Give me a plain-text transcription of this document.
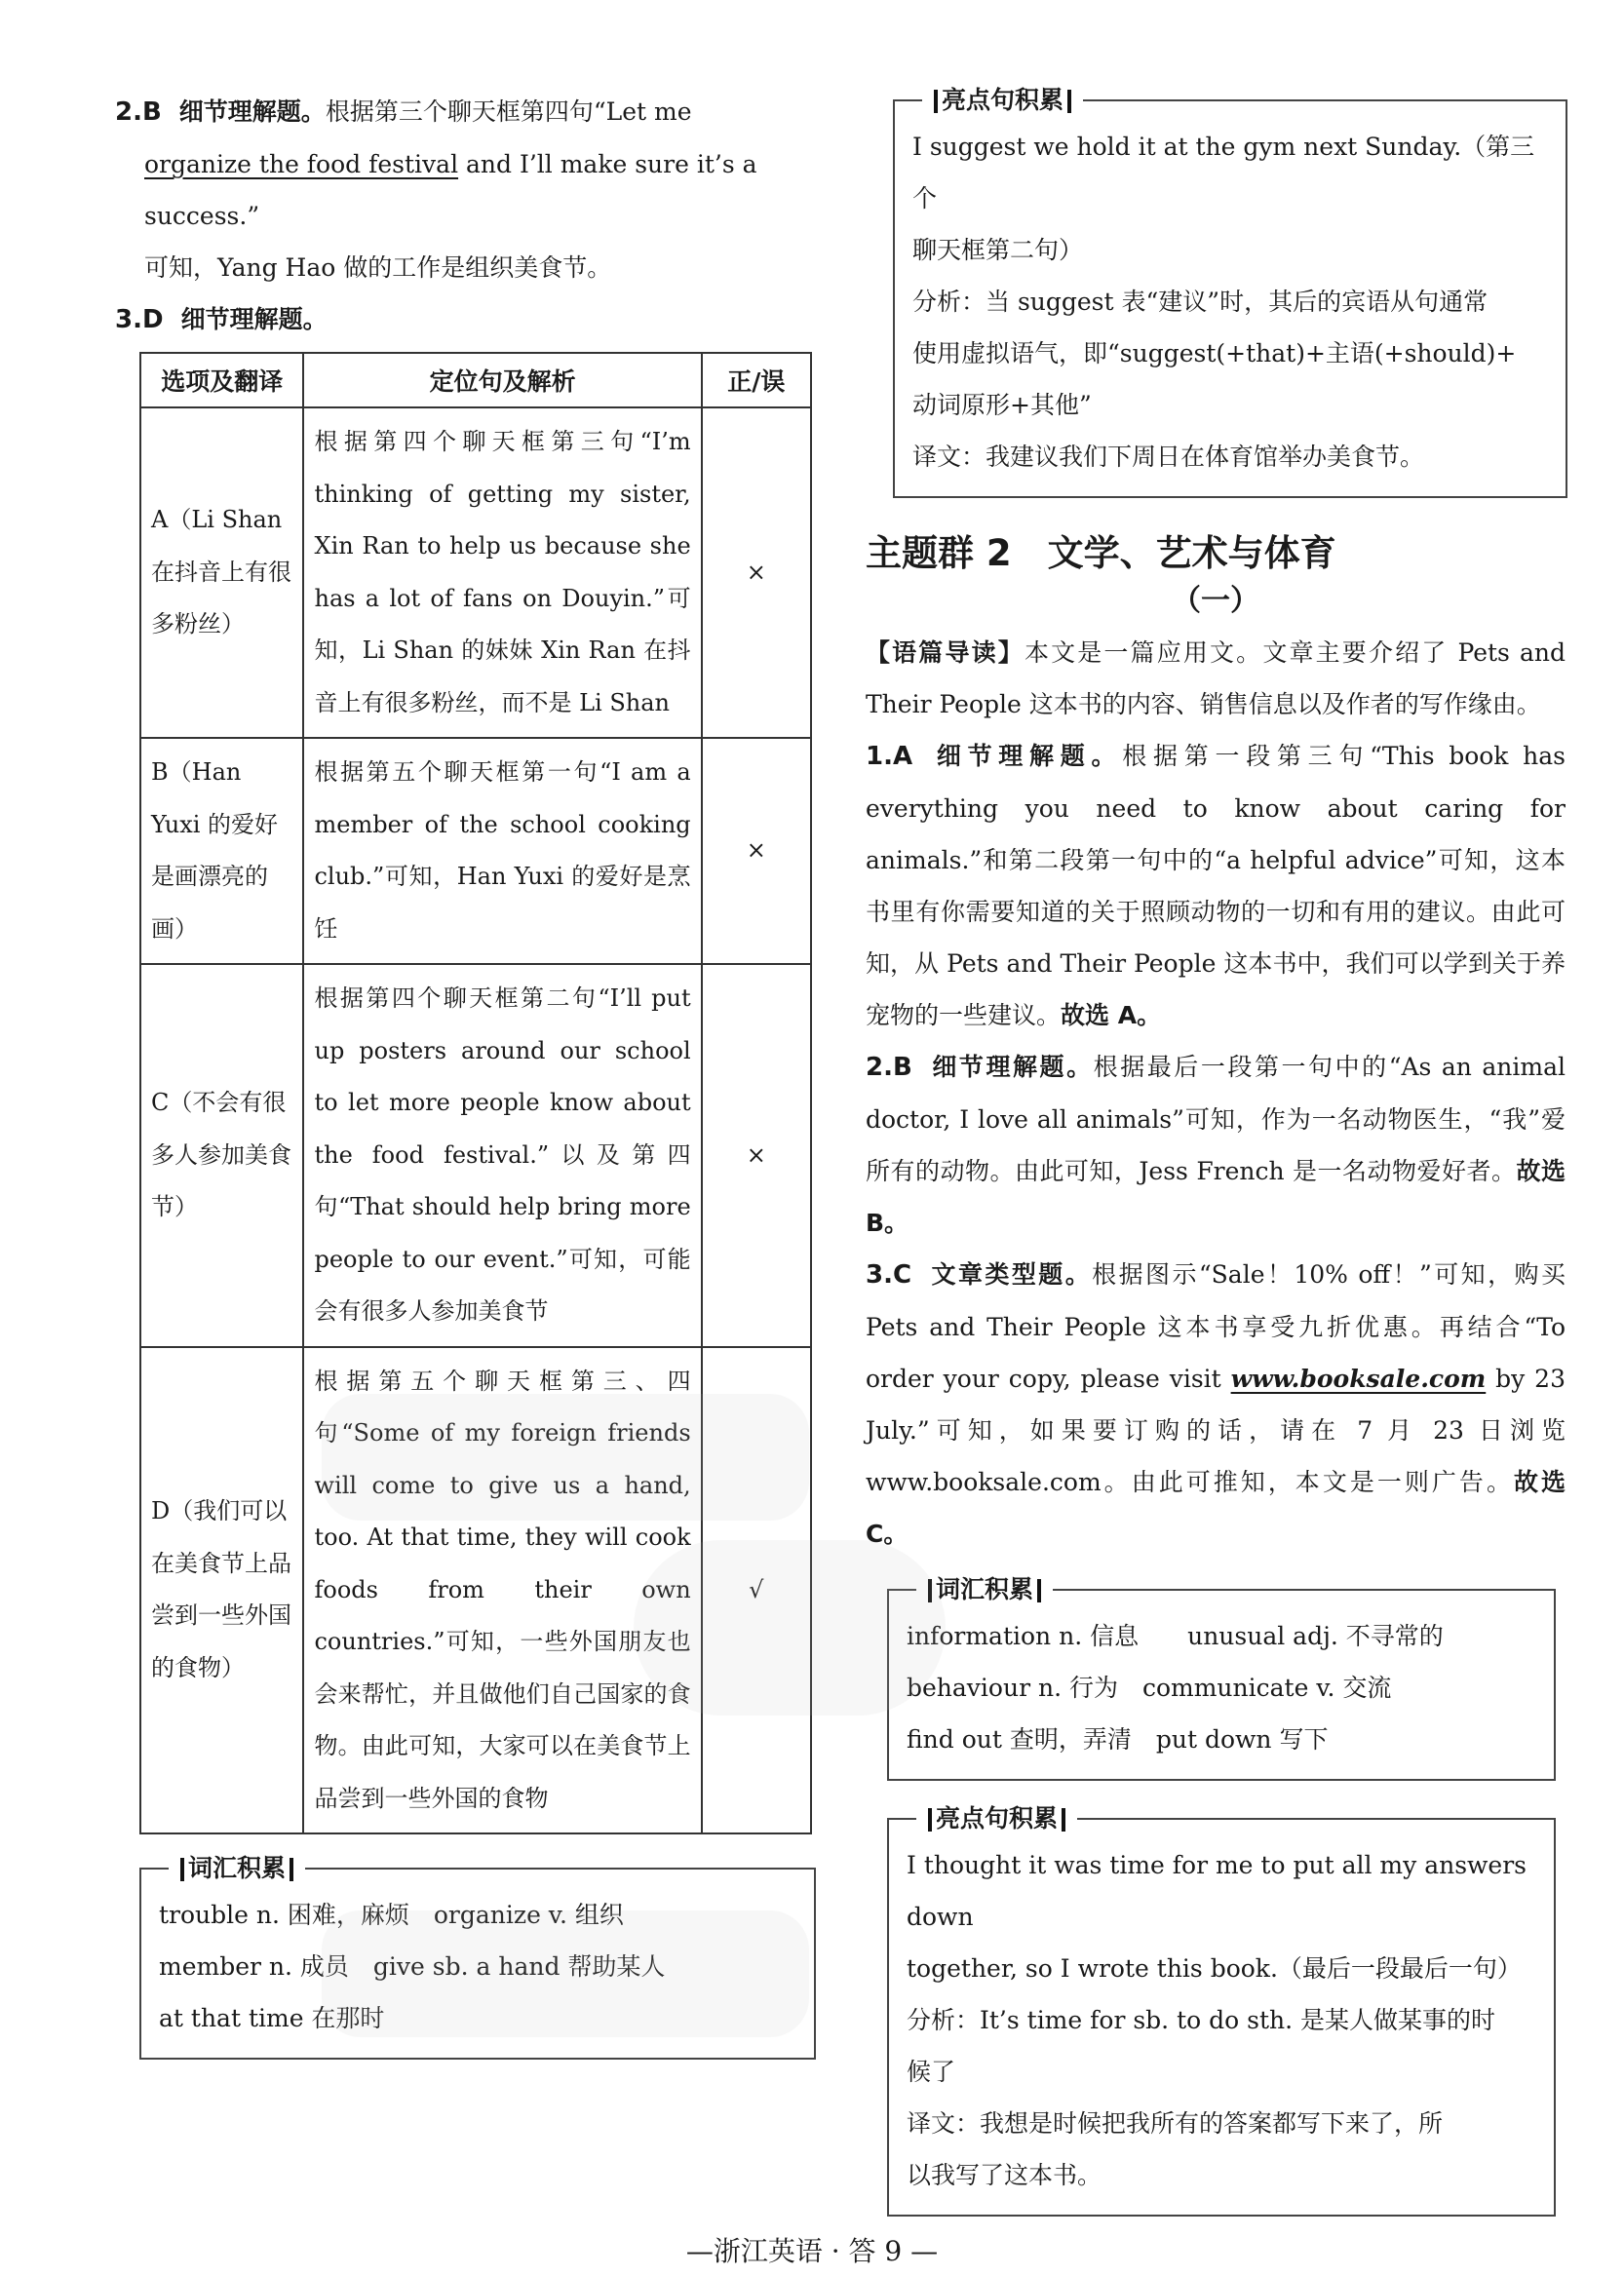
2.B 细节理解题。根据第三个聊天框第四句“Let me

organize the food festival and I’ll make sure it’s a success.”

可知，Yang Hao 做的工作是组织美食节。

3.D 细节理解题。

选项及翻译	定位句及解析	正/误
A（Li Shan 在抖音上有很多粉丝）	根据第四个聊天框第三句“I’m thinking of getting my sister, Xin Ran to help us because she has a lot of fans on Douyin.”可知，Li Shan 的妹妹 Xin Ran 在抖音上有很多粉丝，而不是 Li Shan	×
B（Han Yuxi 的爱好是画漂亮的画）	根据第五个聊天框第一句“I am a member of the school cooking club.”可知，Han Yuxi 的爱好是烹饪	×
C（不会有很多人参加美食节）	根据第四个聊天框第二句“I’ll put up posters around our school to let more people know about the food festival.”以及第四句“That should help bring more people to our event.”可知，可能会有很多人参加美食节	×
D（我们可以在美食节上品尝到一些外国的食物）	根据第五个聊天框第三、四句“Some of my foreign friends will come to give us a hand, too. At that time, they will cook foods from their own countries.”可知，一些外国朋友也会来帮忙，并且做他们自己国家的食物。由此可知，大家可以在美食节上品尝到一些外国的食物	√
词汇积累

trouble n. 困难，麻烦　organize v. 组织

member n. 成员　give sb. a hand 帮助某人

at that time 在那时

亮点句积累

I suggest we hold it at the gym next Sunday.（第三个

聊天框第二句）

分析：当 suggest 表“建议”时，其后的宾语从句通常

使用虚拟语气，即“suggest(+that)+主语(+should)+

动词原形+其他”

译文：我建议我们下周日在体育馆举办美食节。

主题群 2　文学、艺术与体育
（一）

【语篇导读】本文是一篇应用文。文章主要介绍了 Pets and Their People 这本书的内容、销售信息以及作者的写作缘由。

1.A 细节理解题。根据第一段第三句“This book has everything you need to know about caring for animals.”和第二段第一句中的“a helpful advice”可知，这本书里有你需要知道的关于照顾动物的一切和有用的建议。由此可知，从 Pets and Their People 这本书中，我们可以学到关于养宠物的一些建议。故选 A。

2.B 细节理解题。根据最后一段第一句中的“As an animal doctor, I love all animals”可知，作为一名动物医生，“我”爱所有的动物。由此可知，Jess French 是一名动物爱好者。故选 B。

3.C 文章类型题。根据图示“Sale！10% off！”可知，购买 Pets and Their People 这本书享受九折优惠。再结合“To order your copy, please visit www.booksale.com by 23 July.”可知，如果要订购的话，请在 7 月 23 日浏览 www.booksale.com。由此可推知，本文是一则广告。故选 C。

词汇积累

information n. 信息　　unusual adj. 不寻常的

behaviour n. 行为　communicate v. 交流

find out 查明，弄清　put down 写下

亮点句积累

I thought it was time for me to put all my answers down

together, so I wrote this book.（最后一段最后一句）

分析：It’s time for sb. to do sth. 是某人做某事的时

候了

译文：我想是时候把我所有的答案都写下来了，所

以我写了这本书。

—浙江英语 · 答 9 —
